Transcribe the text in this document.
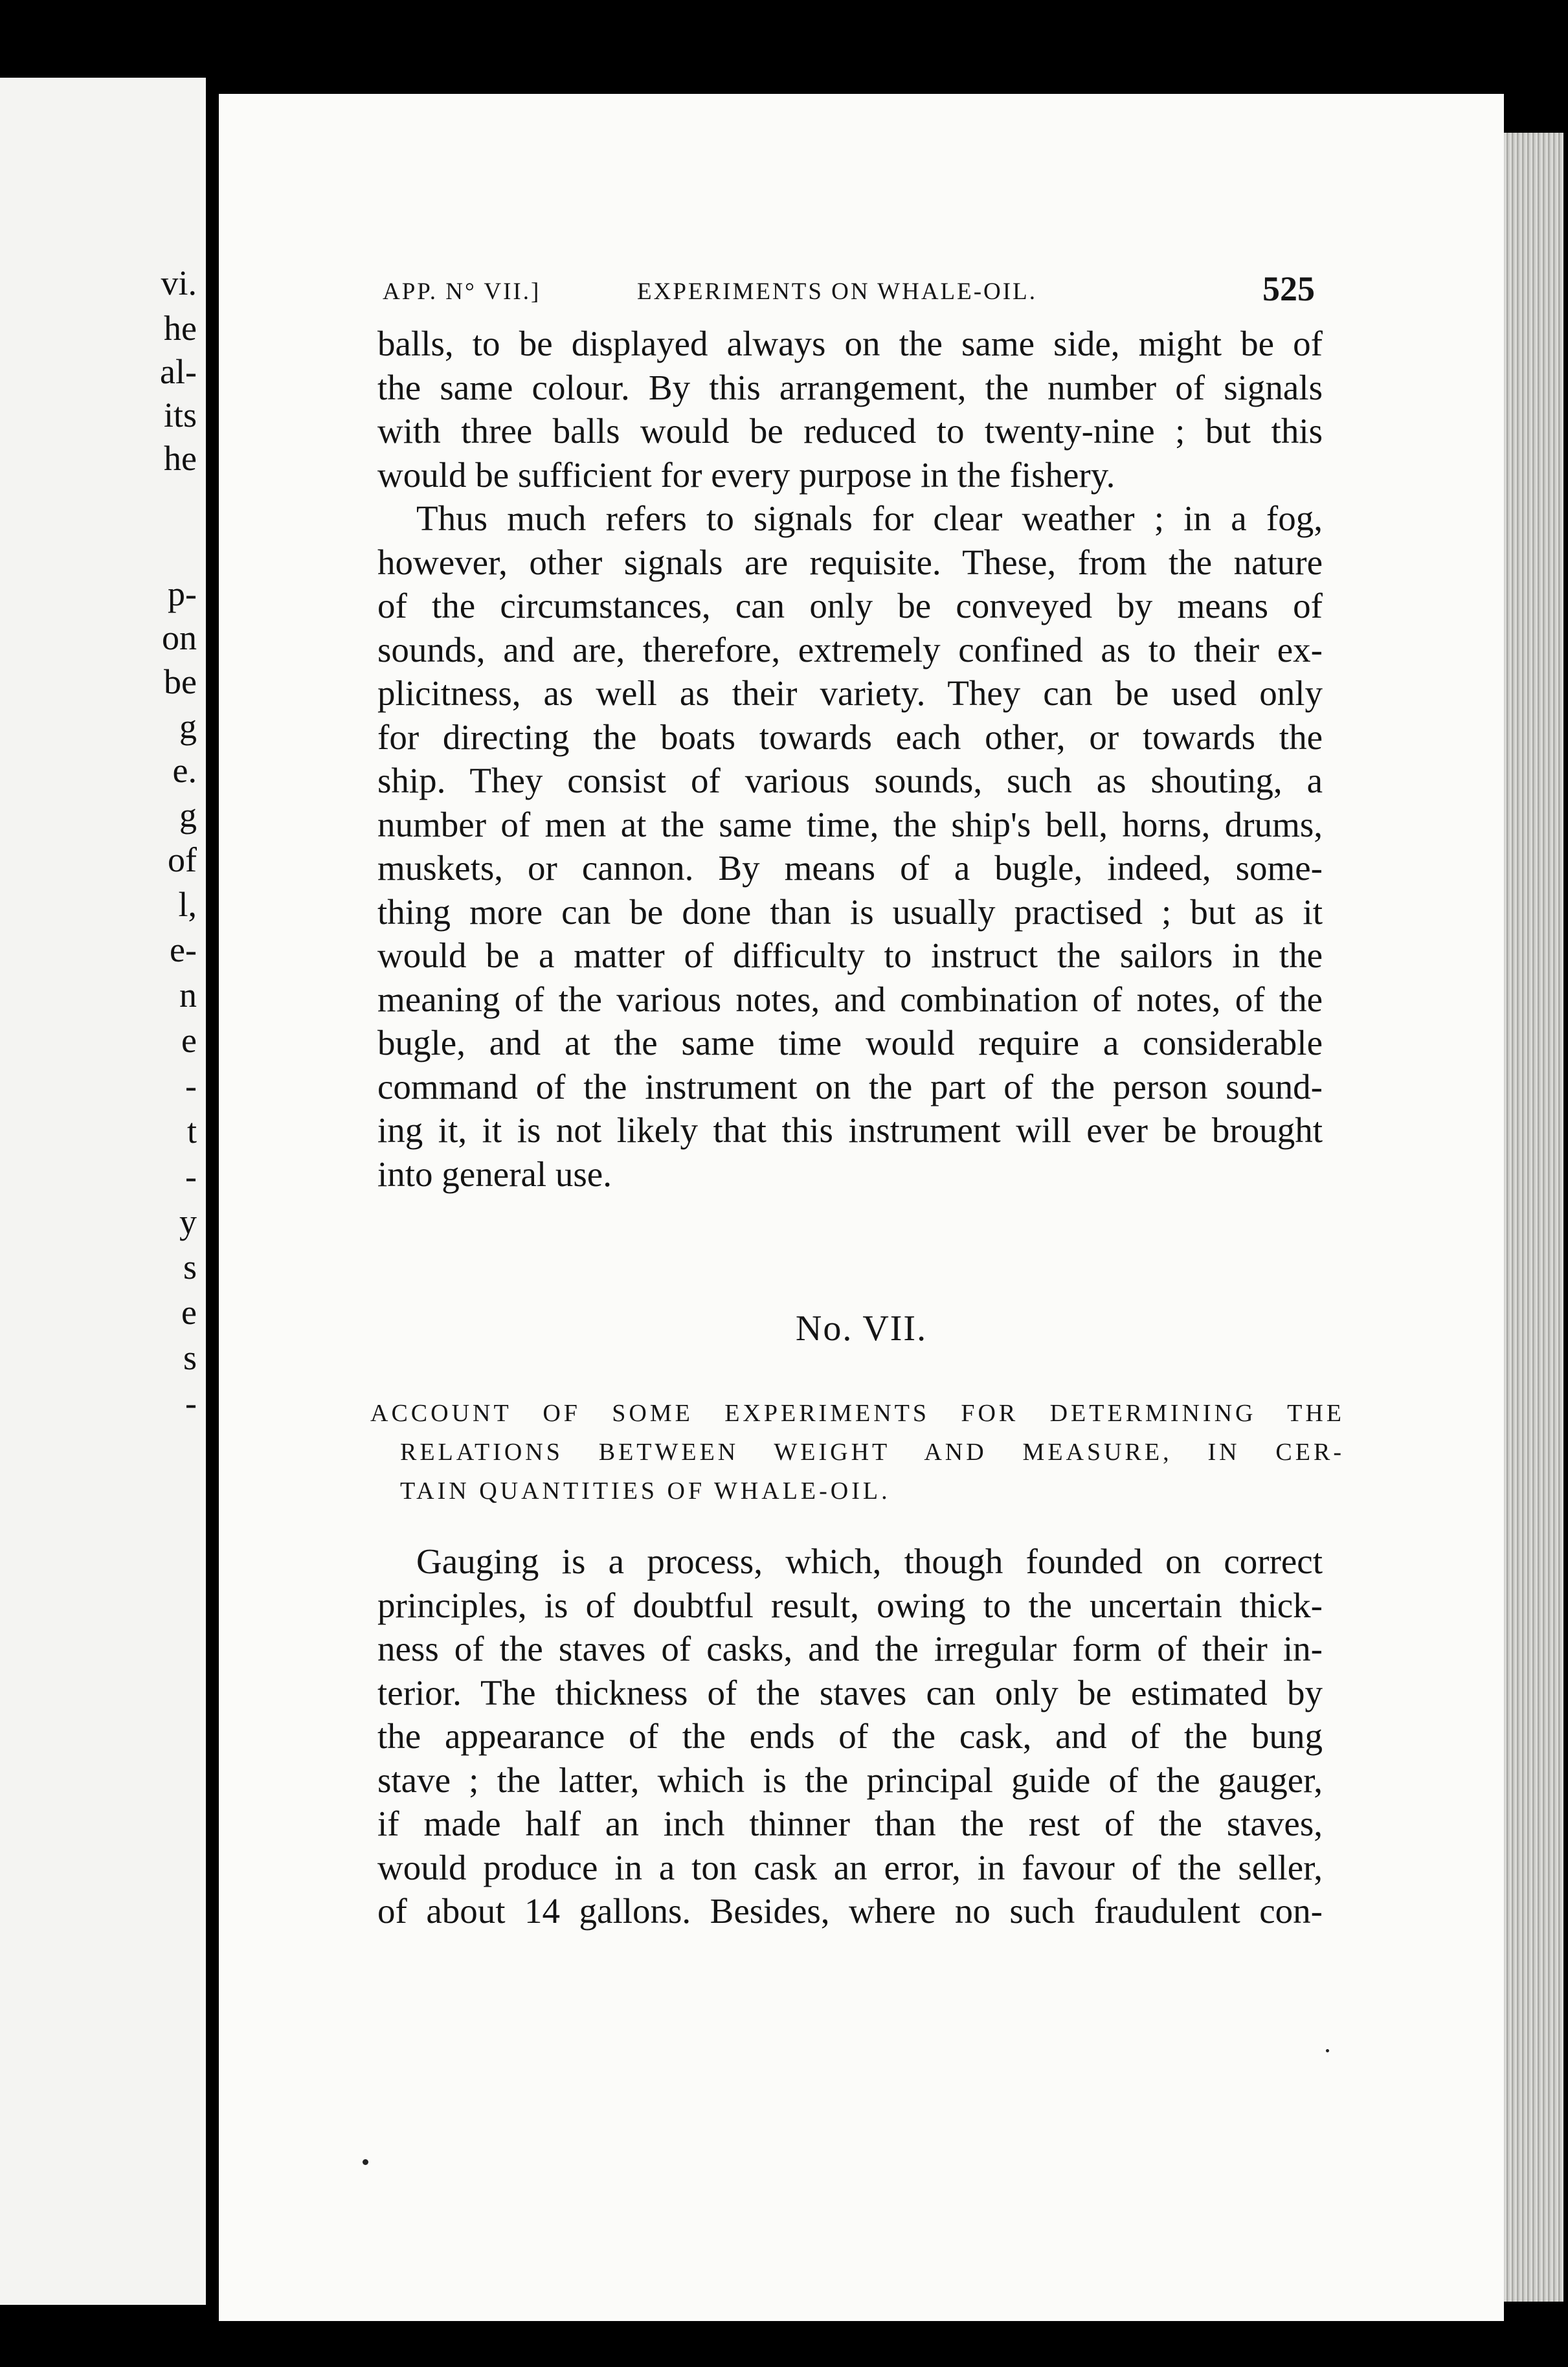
vi.
he
al-
its
he
p-
on
be
g
e.
g
of
l,
e-
n
e
-
t
-
y
s
e
s
-
APP. N° VII.]	EXPERIMENTS ON WHALE-OIL.	525
balls, to be displayed always on the same side, might be of
the same colour. By this arrangement, the number of signals
with three balls would be reduced to twenty-nine ; but this
would be sufficient for every purpose in the fishery.
Thus much refers to signals for clear weather ; in a fog,
however, other signals are requisite. These, from the nature
of the circumstances, can only be conveyed by means of
sounds, and are, therefore, extremely confined as to their ex-
plicitness, as well as their variety. They can be used only
for directing the boats towards each other, or towards the
ship. They consist of various sounds, such as shouting, a
number of men at the same time, the ship's bell, horns, drums,
muskets, or cannon. By means of a bugle, indeed, some-
thing more can be done than is usually practised ; but as it
would be a matter of difficulty to instruct the sailors in the
meaning of the various notes, and combination of notes, of the
bugle, and at the same time would require a considerable
command of the instrument on the part of the person sound-
ing it, it is not likely that this instrument will ever be brought
into general use.
No. VII.
ACCOUNT OF SOME EXPERIMENTS FOR DETERMINING THE
RELATIONS BETWEEN WEIGHT AND MEASURE, IN CER-
TAIN QUANTITIES OF WHALE-OIL.
Gauging is a process, which, though founded on correct
principles, is of doubtful result, owing to the uncertain thick-
ness of the staves of casks, and the irregular form of their in-
terior. The thickness of the staves can only be estimated by
the appearance of the ends of the cask, and of the bung
stave ; the latter, which is the principal guide of the gauger,
if made half an inch thinner than the rest of the staves,
would produce in a ton cask an error, in favour of the seller,
of about 14 gallons. Besides, where no such fraudulent con-
